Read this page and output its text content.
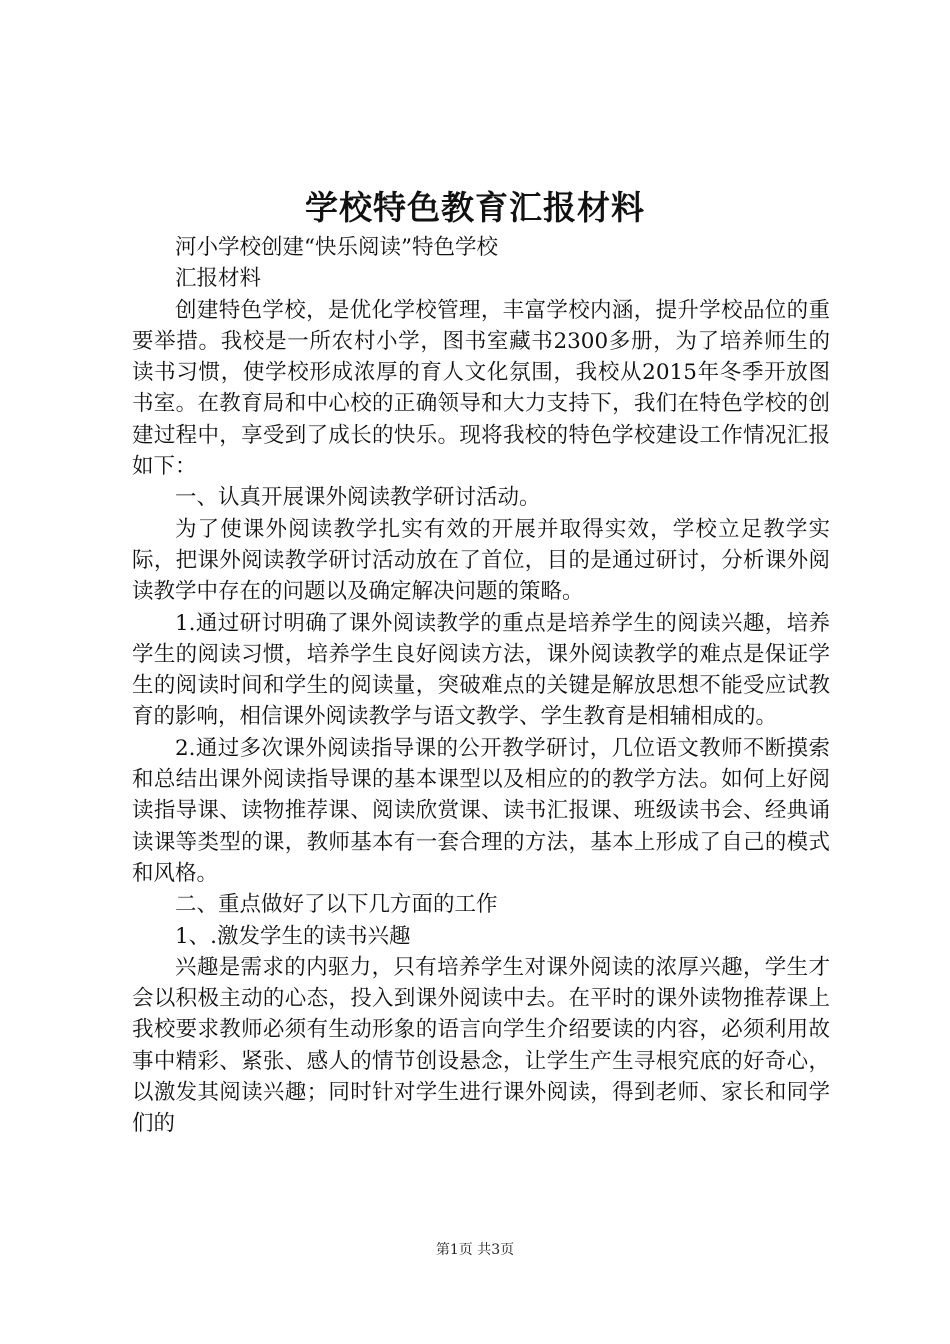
学校特色教育汇报材料

河小学校创建“快乐阅读”特色学校

汇报材料

创建特色学校，是优化学校管理，丰富学校内涵，提升学校品位的重要举措。我校是一所农村小学，图书室藏书2300多册，为了培养师生的读书习惯，使学校形成浓厚的育人文化氛围，我校从2015年冬季开放图书室。在教育局和中心校的正确领导和大力支持下，我们在特色学校的创建过程中，享受到了成长的快乐。现将我校的特色学校建设工作情况汇报如下：

一、认真开展课外阅读教学研讨活动。

为了使课外阅读教学扎实有效的开展并取得实效，学校立足教学实际，把课外阅读教学研讨活动放在了首位，目的是通过研讨，分析课外阅读教学中存在的问题以及确定解决问题的策略。

1.通过研讨明确了课外阅读教学的重点是培养学生的阅读兴趣，培养学生的阅读习惯，培养学生良好阅读方法，课外阅读教学的难点是保证学生的阅读时间和学生的阅读量，突破难点的关键是解放思想不能受应试教育的影响，相信课外阅读教学与语文教学、学生教育是相辅相成的。

2.通过多次课外阅读指导课的公开教学研讨，几位语文教师不断摸索和总结出课外阅读指导课的基本课型以及相应的的教学方法。如何上好阅读指导课、读物推荐课、阅读欣赏课、读书汇报课、班级读书会、经典诵读课等类型的课，教师基本有一套合理的方法，基本上形成了自己的模式和风格。

二、重点做好了以下几方面的工作

1、.激发学生的读书兴趣

兴趣是需求的内驱力，只有培养学生对课外阅读的浓厚兴趣，学生才会以积极主动的心态，投入到课外阅读中去。在平时的课外读物推荐课上我校要求教师必须有生动形象的语言向学生介绍要读的内容，必须利用故事中精彩、紧张、感人的情节创设悬念，让学生产生寻根究底的好奇心，以激发其阅读兴趣；同时针对学生进行课外阅读，得到老师、家长和同学们的

第1页 共3页
